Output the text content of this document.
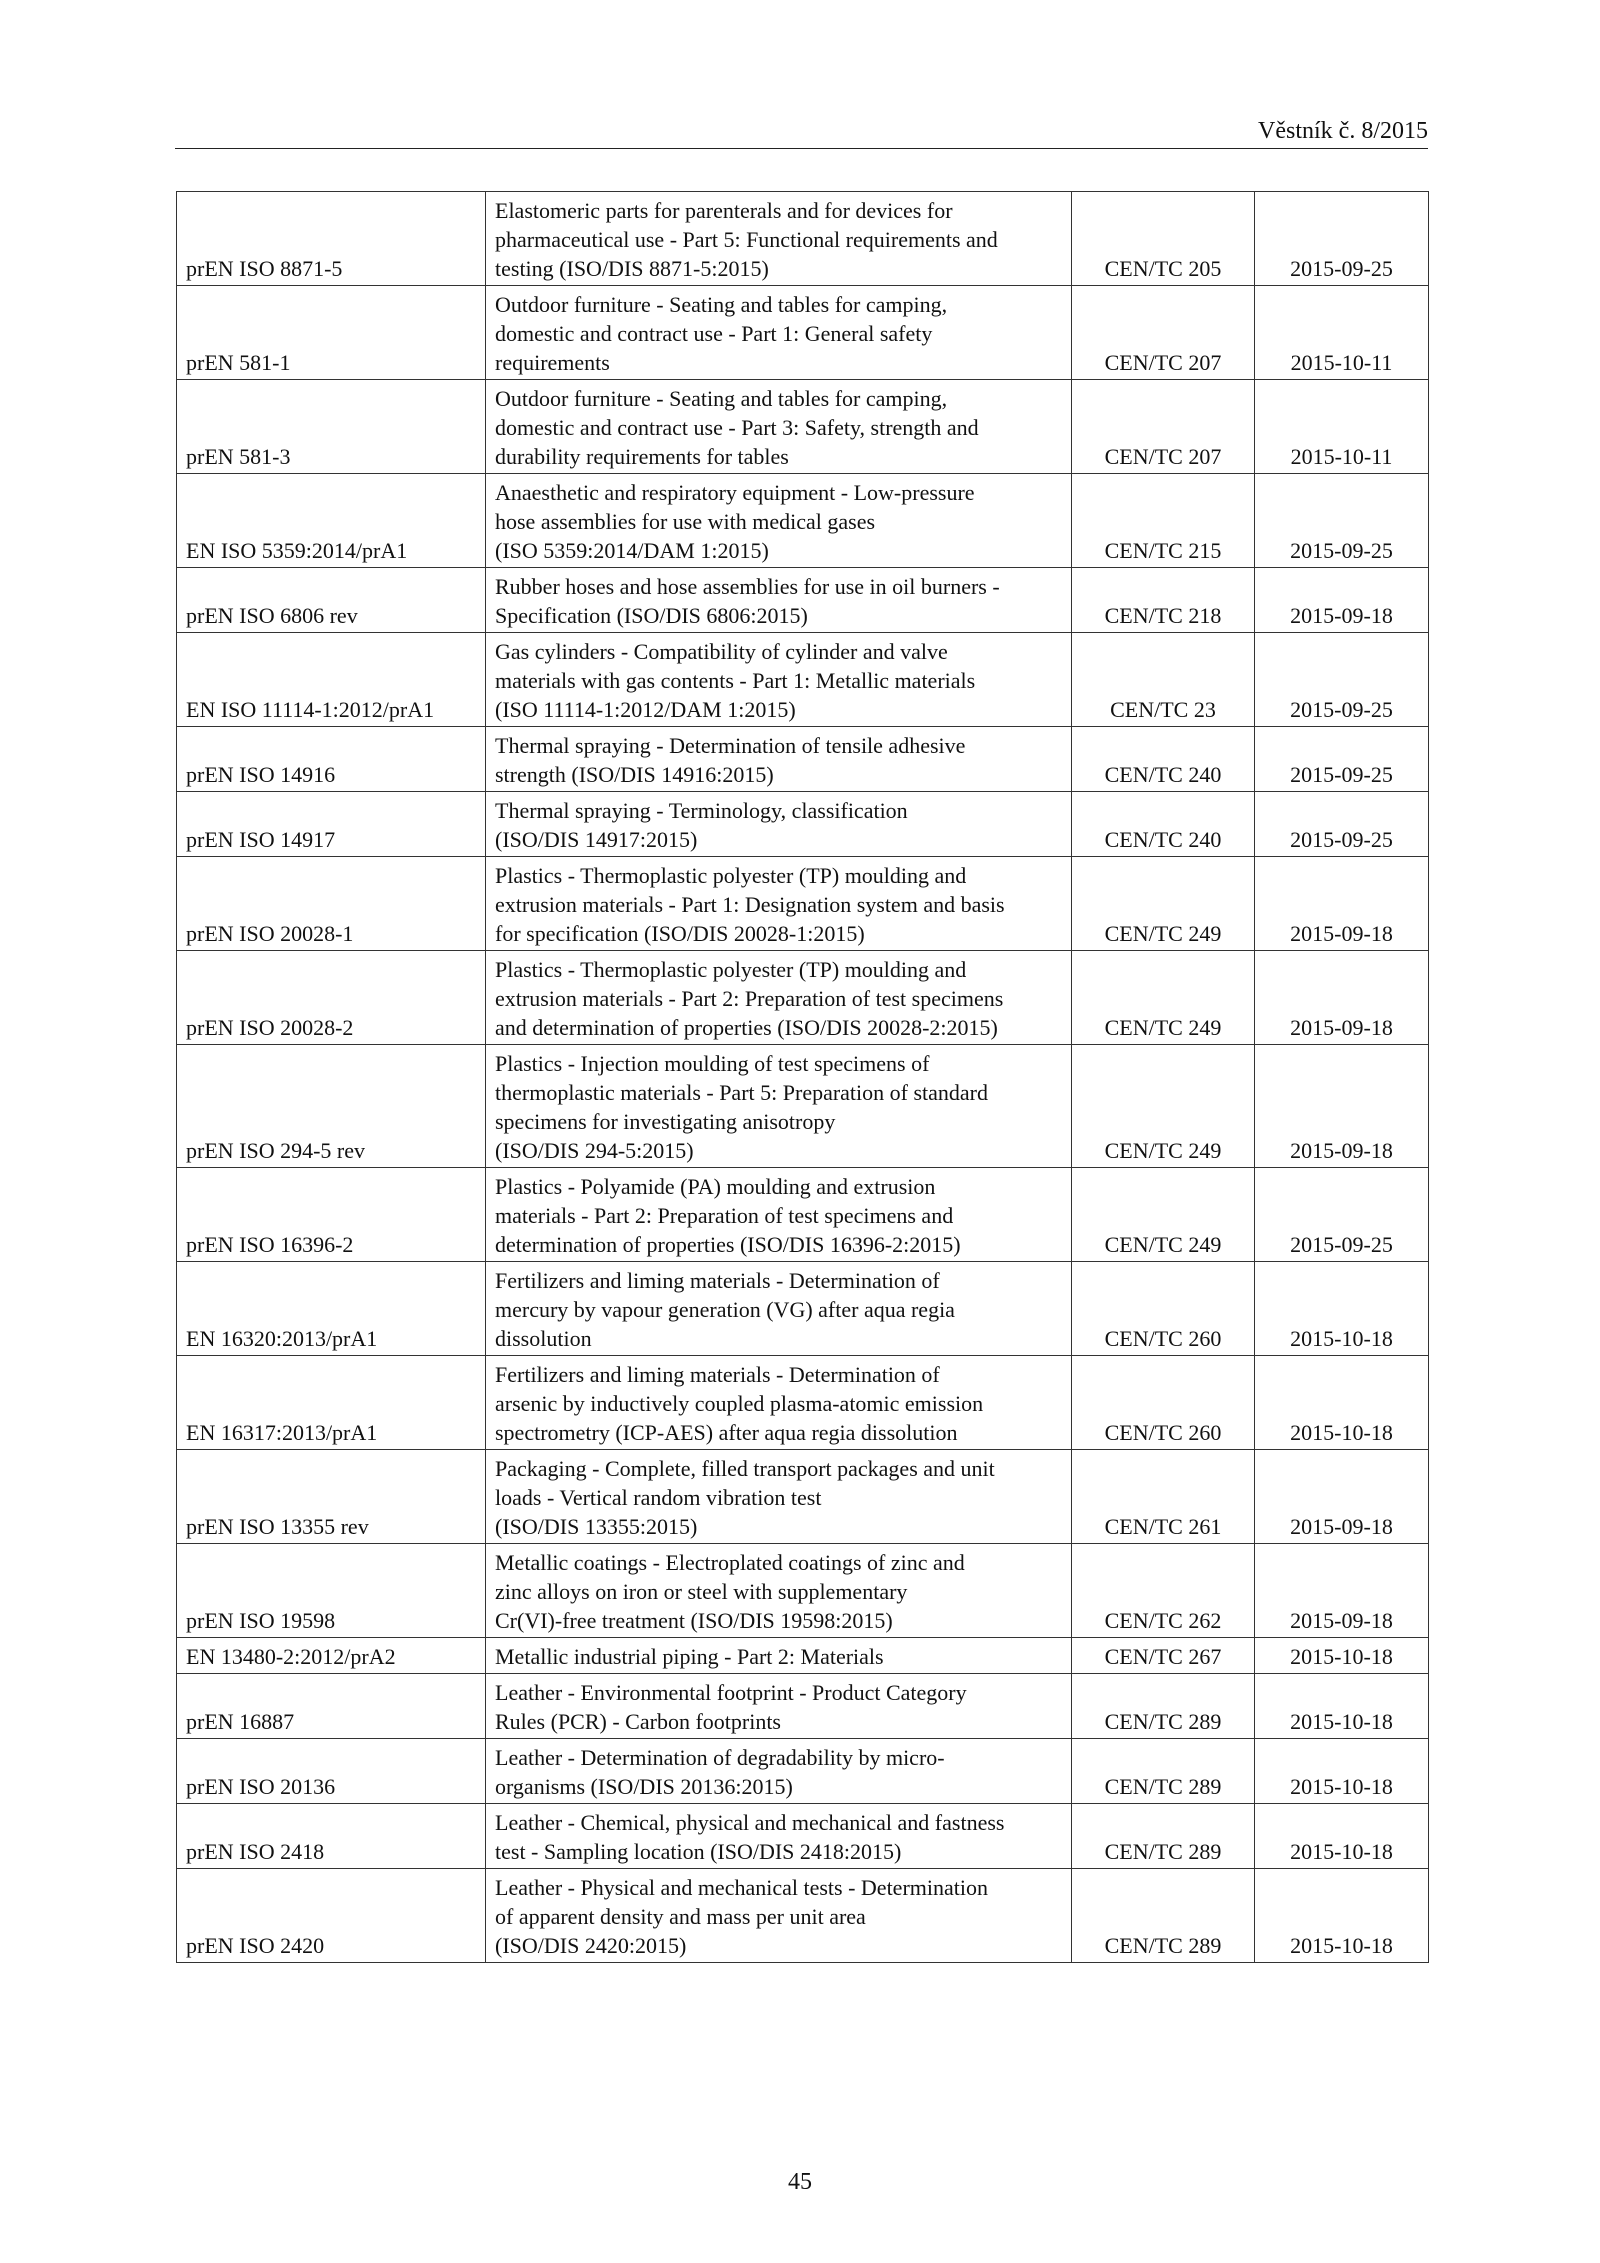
Věstník č. 8/2015
prEN ISO 8871-5	Elastomeric parts for parenterals and for devices for
pharmaceutical use - Part 5: Functional requirements and
testing (ISO/DIS 8871-5:2015)	CEN/TC 205	2015-09-25
prEN 581-1	Outdoor furniture - Seating and tables for camping,
domestic and contract use - Part 1: General safety
requirements	CEN/TC 207	2015-10-11
prEN 581-3	Outdoor furniture - Seating and tables for camping,
domestic and contract use - Part 3: Safety, strength and
durability requirements for tables	CEN/TC 207	2015-10-11
EN ISO 5359:2014/prA1	Anaesthetic and respiratory equipment - Low-pressure
hose assemblies for use with medical gases
(ISO 5359:2014/DAM 1:2015)	CEN/TC 215	2015-09-25
prEN ISO 6806 rev	Rubber hoses and hose assemblies for use in oil burners -
Specification (ISO/DIS 6806:2015)	CEN/TC 218	2015-09-18
EN ISO 11114-1:2012/prA1	Gas cylinders - Compatibility of cylinder and valve
materials with gas contents - Part 1: Metallic materials
(ISO 11114-1:2012/DAM 1:2015)	CEN/TC 23	2015-09-25
prEN ISO 14916	Thermal spraying - Determination of tensile adhesive
strength (ISO/DIS 14916:2015)	CEN/TC 240	2015-09-25
prEN ISO 14917	Thermal spraying - Terminology, classification
(ISO/DIS 14917:2015)	CEN/TC 240	2015-09-25
prEN ISO 20028-1	Plastics - Thermoplastic polyester (TP) moulding and
extrusion materials - Part 1: Designation system and basis
for specification (ISO/DIS 20028-1:2015)	CEN/TC 249	2015-09-18
prEN ISO 20028-2	Plastics - Thermoplastic polyester (TP) moulding and
extrusion materials - Part 2: Preparation of test specimens
and determination of properties (ISO/DIS 20028-2:2015)	CEN/TC 249	2015-09-18
prEN ISO 294-5 rev	Plastics - Injection moulding of test specimens of
thermoplastic materials - Part 5: Preparation of standard
specimens for investigating anisotropy
(ISO/DIS 294-5:2015)	CEN/TC 249	2015-09-18
prEN ISO 16396-2	Plastics - Polyamide (PA) moulding and extrusion
materials - Part 2: Preparation of test specimens and
determination of properties (ISO/DIS 16396-2:2015)	CEN/TC 249	2015-09-25
EN 16320:2013/prA1	Fertilizers and liming materials - Determination of
mercury by vapour generation (VG) after aqua regia
dissolution	CEN/TC 260	2015-10-18
EN 16317:2013/prA1	Fertilizers and liming materials - Determination of
arsenic by inductively coupled plasma-atomic emission
spectrometry (ICP-AES) after aqua regia dissolution	CEN/TC 260	2015-10-18
prEN ISO 13355 rev	Packaging - Complete, filled transport packages and unit
loads - Vertical random vibration test
(ISO/DIS 13355:2015)	CEN/TC 261	2015-09-18
prEN ISO 19598	Metallic coatings - Electroplated coatings of zinc and
zinc alloys on iron or steel with supplementary
Cr(VI)-free treatment (ISO/DIS 19598:2015)	CEN/TC 262	2015-09-18
EN 13480-2:2012/prA2	Metallic industrial piping - Part 2: Materials	CEN/TC 267	2015-10-18
prEN 16887	Leather - Environmental footprint - Product Category
Rules (PCR) - Carbon footprints	CEN/TC 289	2015-10-18
prEN ISO 20136	Leather - Determination of degradability by micro-
organisms (ISO/DIS 20136:2015)	CEN/TC 289	2015-10-18
prEN ISO 2418	Leather - Chemical, physical and mechanical and fastness
test - Sampling location (ISO/DIS 2418:2015)	CEN/TC 289	2015-10-18
prEN ISO 2420	Leather - Physical and mechanical tests - Determination
of apparent density and mass per unit area
(ISO/DIS 2420:2015)	CEN/TC 289	2015-10-18
45
